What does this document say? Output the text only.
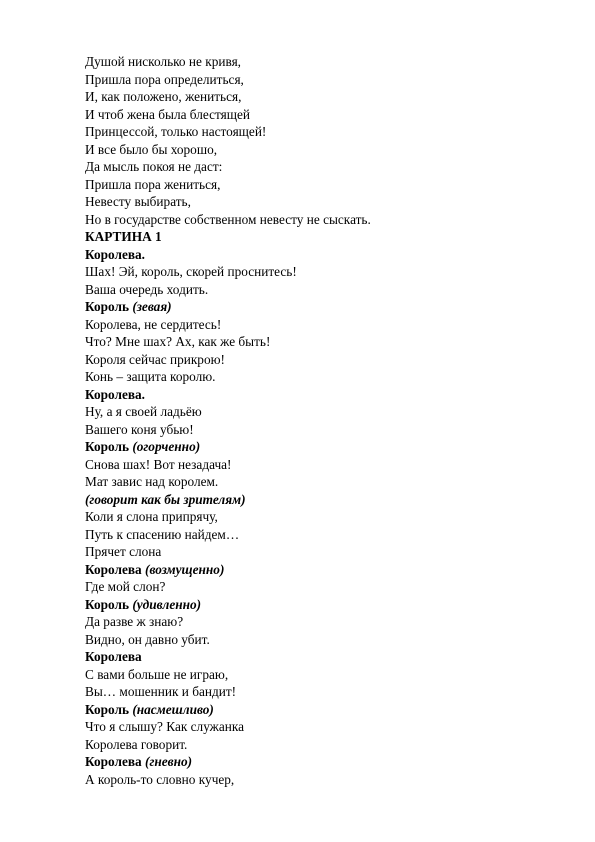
Душой нисколько не кривя,
Пришла пора определиться,
И, как положено, жениться,
И чтоб жена была блестящей
Принцессой, только настоящей!
И все было бы хорошо,
Да мысль покоя не даст:
Пришла пора жениться,
Невесту выбирать,
Но в государстве собственном невесту не сыскать.
КАРТИНА 1
Королева.
Шах! Эй, король, скорей проснитесь!
Ваша очередь ходить.
Король (зевая)
Королева, не сердитесь!
Что? Мне шах? Ах, как же быть!
Короля сейчас прикрою!
Конь – защита королю.
Королева.
Ну, а я своей ладьёю
Вашего коня убью!
Король (огорченно)
Снова шах! Вот незадача!
Мат завис над королем.
(говорит как бы зрителям)
Коли я слона припрячу,
Путь к спасению найдем…
Прячет слона
Королева (возмущенно)
Где мой слон?
Король (удивленно)
Да разве ж знаю?
Видно, он давно убит.
Королева
С вами больше не играю,
Вы… мошенник и бандит!
Король (насмешливо)
Что я слышу? Как служанка
Королева говорит.
Королева (гневно)
А король-то словно кучер,
